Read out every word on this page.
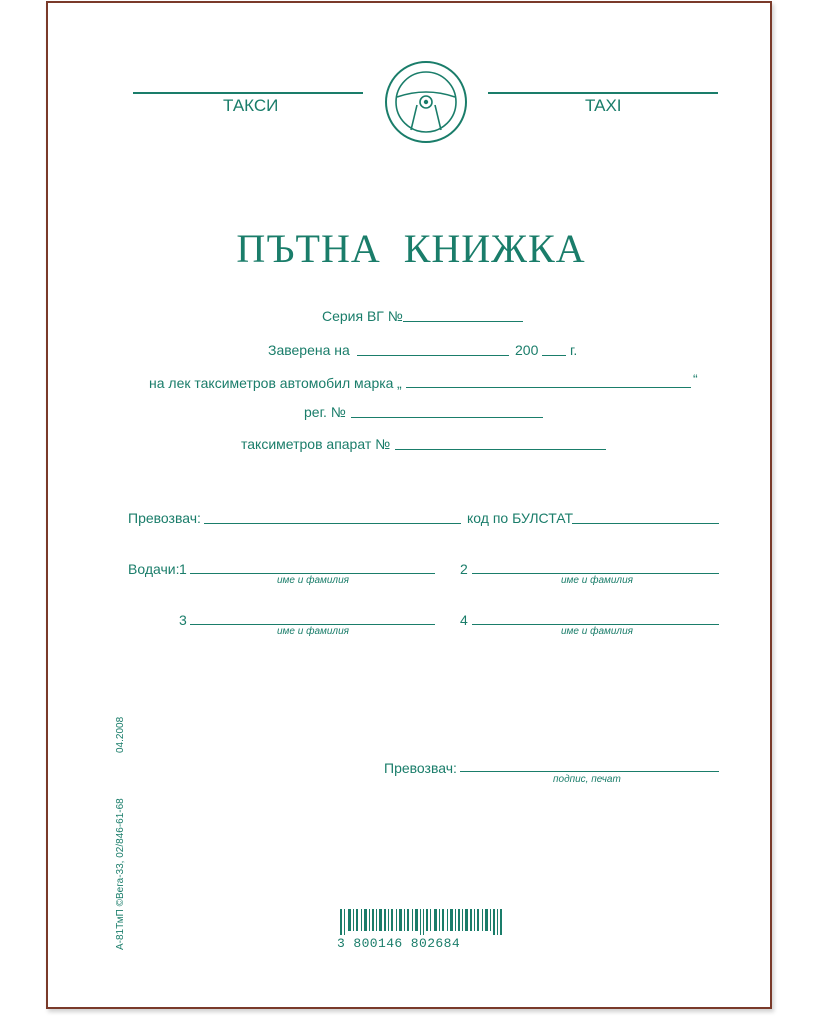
ТАКСИ	TAXI
ПЪТНА КНИЖКА
Серия ВГ №
Заверена на	200 г.
на лек таксиметров автомобил марка „	“
рег. №
таксиметров апарат №
Превозвач:	код по БУЛСТАТ
Водачи: 1
име и фамилия
2
име и фамилия
3
име и фамилия
4
име и фамилия
Превозвач:
подпис, печат
04.2008
А-81ТмП ©Вега-33, 02/846-61-68	3 800146 802684
